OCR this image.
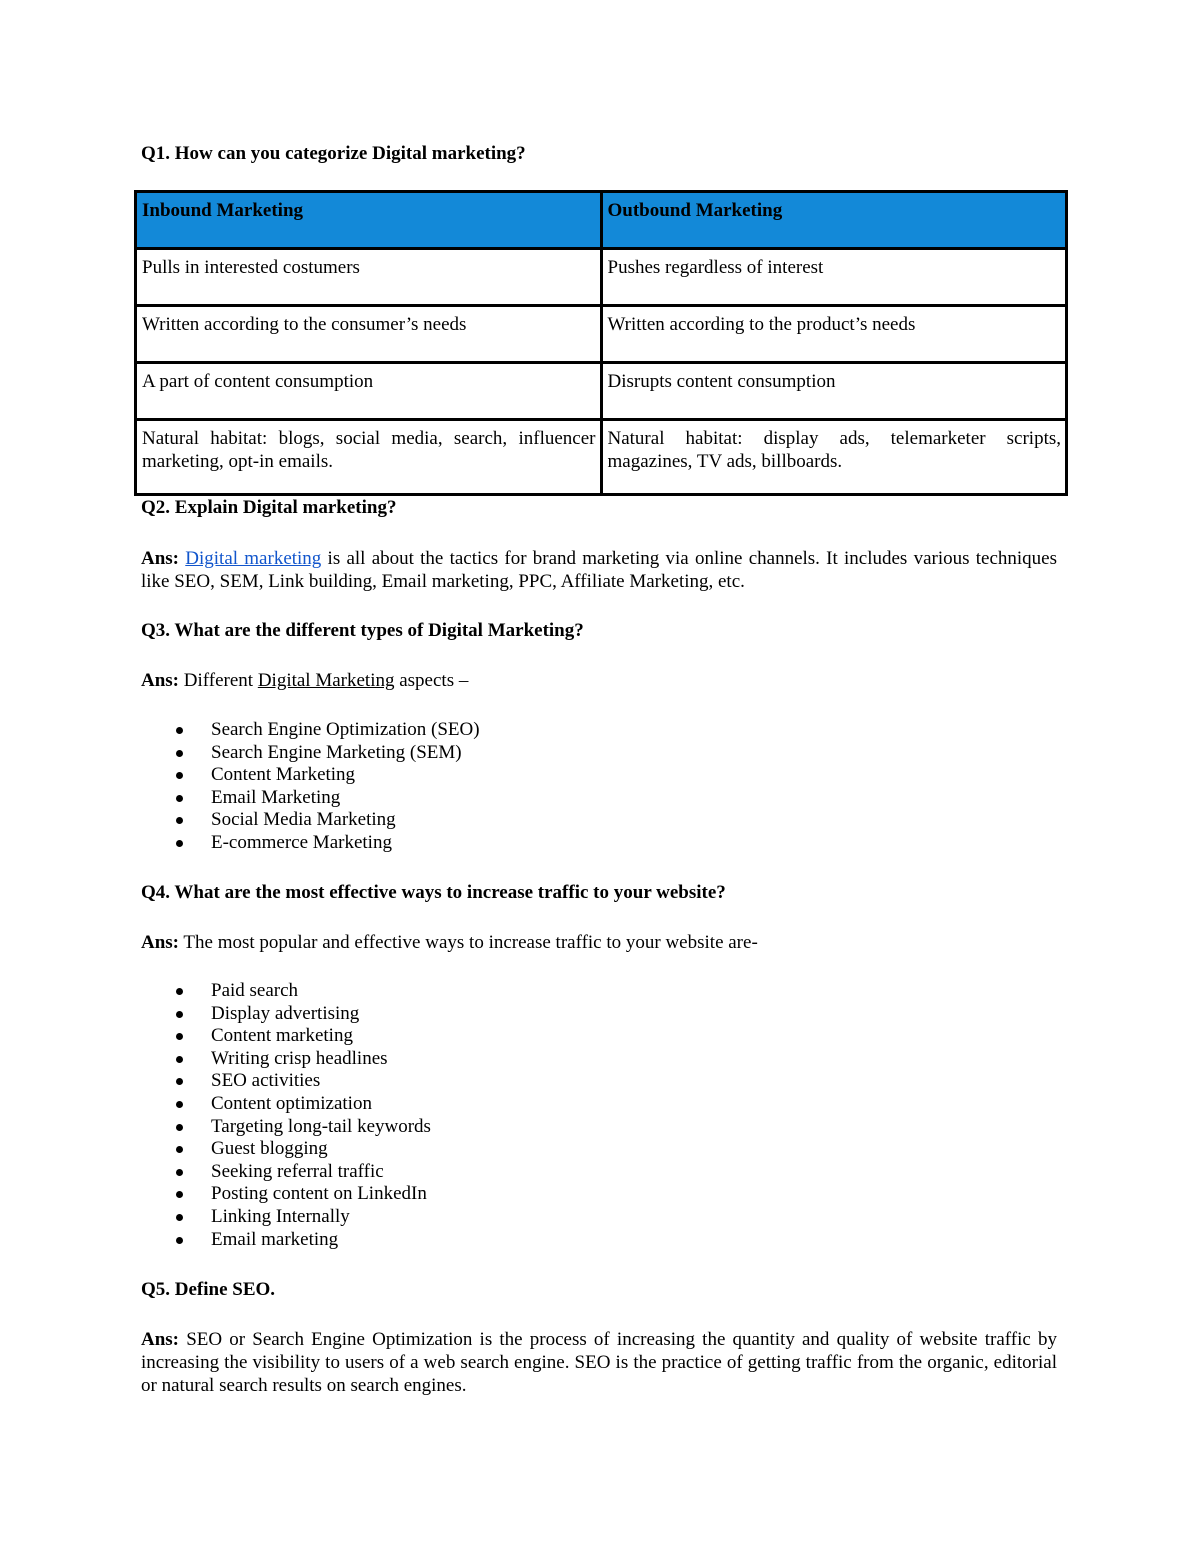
Q1. How can you categorize Digital marketing?
Inbound Marketing	Outbound Marketing
Pulls in interested costumers	Pushes regardless of interest
Written according to the consumer’s needs	Written according to the product’s needs
A part of content consumption	Disrupts content consumption
Natural habitat: blogs, social media, search, influencer marketing, opt-in emails.	Natural habitat: display ads, telemarketer scripts, magazines, TV ads, billboards.
Q2. Explain Digital marketing?
Ans: Digital marketing is all about the tactics for brand marketing via online channels. It includes various techniques like SEO, SEM, Link building, Email marketing, PPC, Affiliate Marketing, etc.
Q3. What are the different types of Digital Marketing?
Ans: Different Digital Marketing aspects –
Search Engine Optimization (SEO)
Search Engine Marketing (SEM)
Content Marketing
Email Marketing
Social Media Marketing
E-commerce Marketing
Q4. What are the most effective ways to increase traffic to your website?
Ans: The most popular and effective ways to increase traffic to your website are-
Paid search
Display advertising
Content marketing
Writing crisp headlines
SEO activities
Content optimization
Targeting long-tail keywords
Guest blogging
Seeking referral traffic
Posting content on LinkedIn
Linking Internally
Email marketing
Q5. Define SEO.
Ans: SEO or Search Engine Optimization is the process of increasing the quantity and quality of website traffic by increasing the visibility to users of a web search engine. SEO is the practice of getting traffic from the organic, editorial or natural search results on search engines.
